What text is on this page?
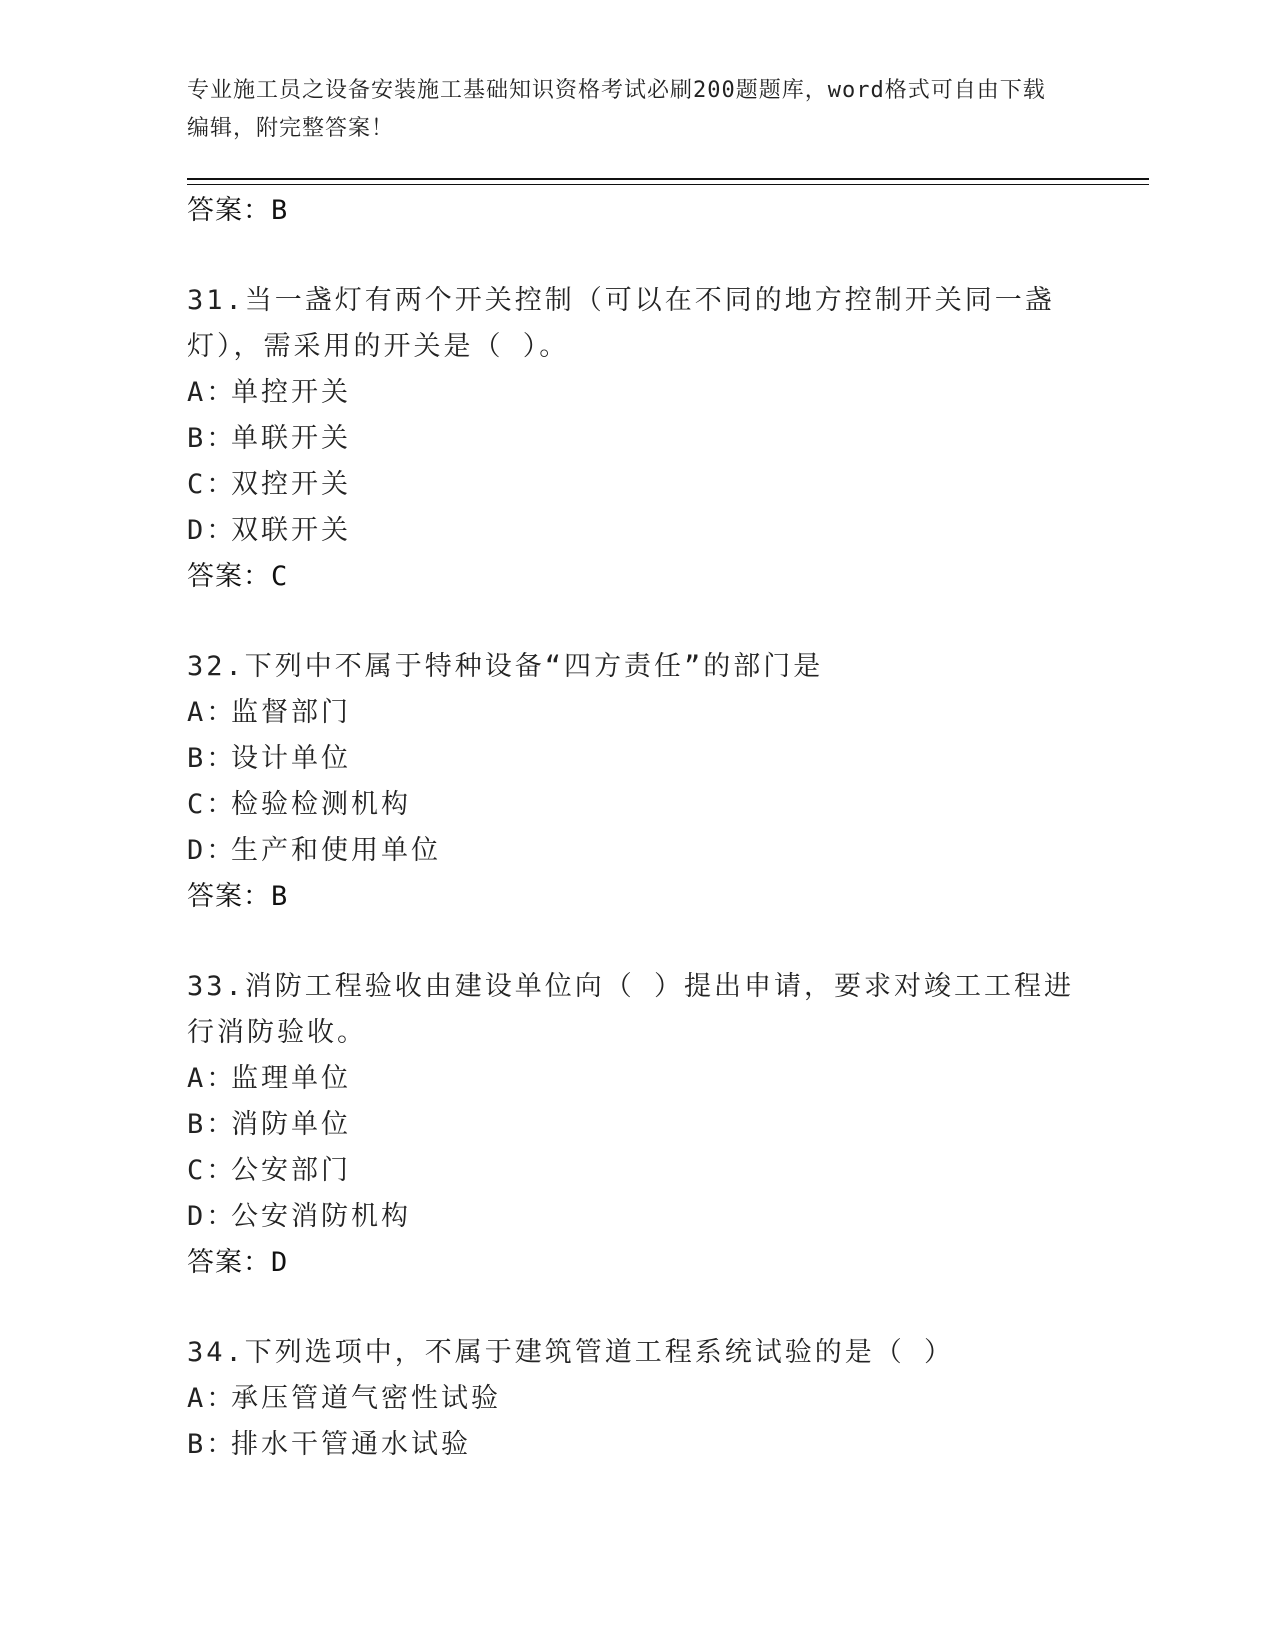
专业施工员之设备安装施工基础知识资格考试必刷200题题库，word格式可自由下载编辑，附完整答案！
答案：B
31.当一盏灯有两个开关控制（可以在不同的地方控制开关同一盏灯），需采用的开关是（ ）。
A：单控开关
B：单联开关
C：双控开关
D：双联开关
答案：C
32.下列中不属于特种设备“四方责任”的部门是
A：监督部门
B：设计单位
C：检验检测机构
D：生产和使用单位
答案：B
33.消防工程验收由建设单位向（ ）提出申请，要求对竣工工程进行消防验收。
A：监理单位
B：消防单位
C：公安部门
D：公安消防机构
答案：D
34.下列选项中，不属于建筑管道工程系统试验的是（ ）
A：承压管道气密性试验
B：排水干管通水试验
